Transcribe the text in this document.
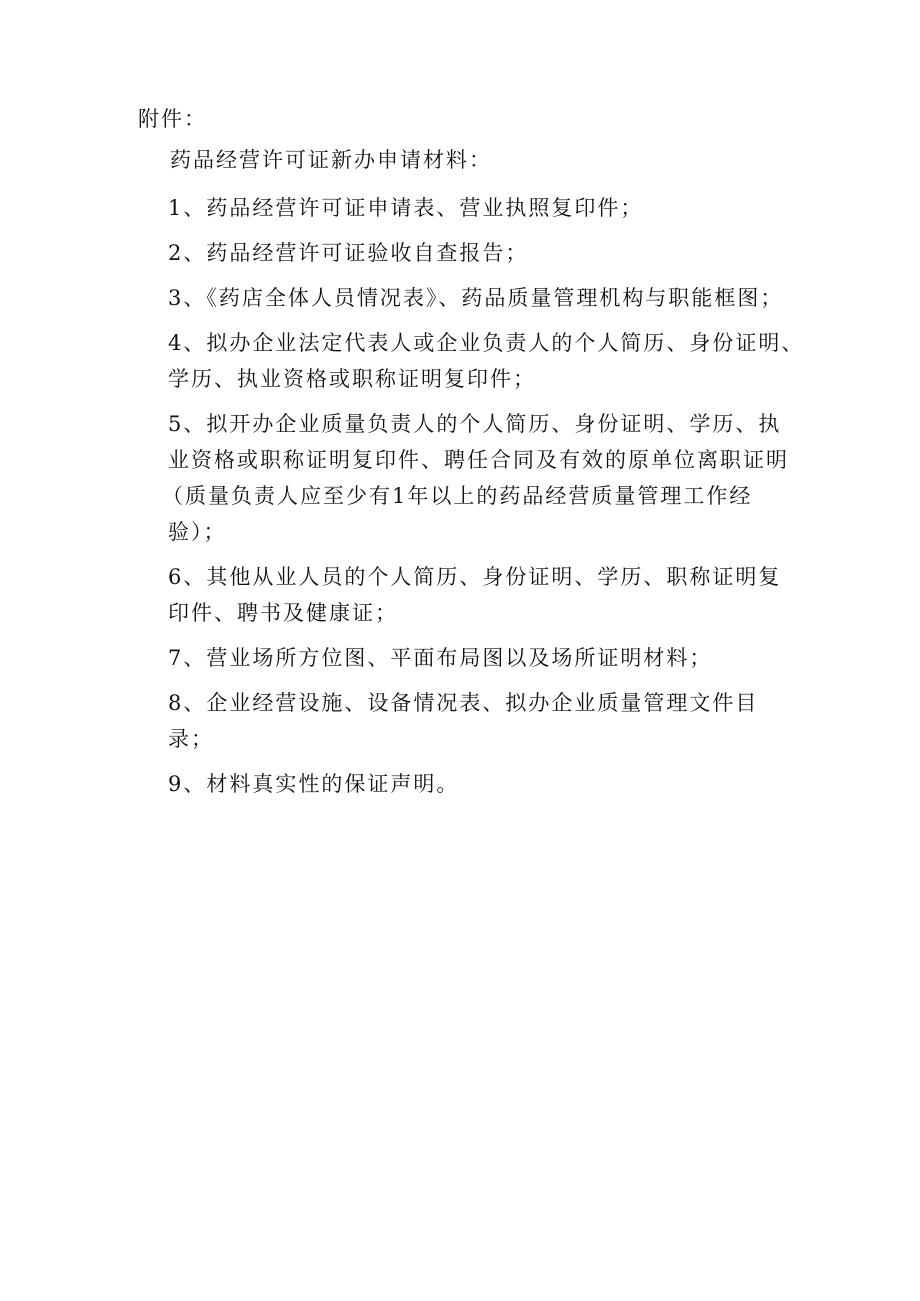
附件：
药品经营许可证新办申请材料：
1、药品经营许可证申请表、营业执照复印件；
2、药品经营许可证验收自查报告；
3、《药店全体人员情况表》、药品质量管理机构与职能框图；
4、拟办企业法定代表人或企业负责人的个人简历、身份证明、
学历、执业资格或职称证明复印件；
5、拟开办企业质量负责人的个人简历、身份证明、学历、执
业资格或职称证明复印件、聘任合同及有效的原单位离职证明
（质量负责人应至少有1年以上的药品经营质量管理工作经
验）；
6、其他从业人员的个人简历、身份证明、学历、职称证明复
印件、聘书及健康证；
7、营业场所方位图、平面布局图以及场所证明材料；
8、企业经营设施、设备情况表、拟办企业质量管理文件目
录；
9、材料真实性的保证声明。
